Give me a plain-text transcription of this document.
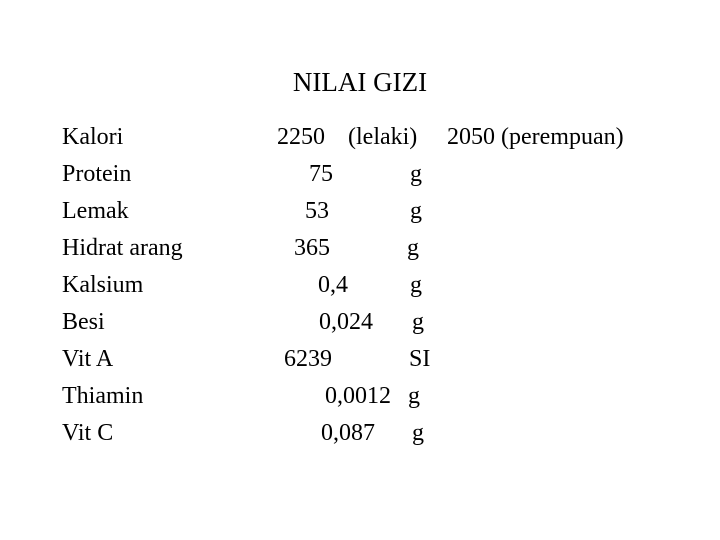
NILAI GIZI
Kalori	2250 (lelaki) 2050 (perempuan)
Protein	75	g
Lemak	53	g
Hidrat arang	365	g
Kalsium	0,4	g
Besi	0,024 g
Vit A	6239	SI
Thiamin	0,0012 g
Vit C	0,087 g
